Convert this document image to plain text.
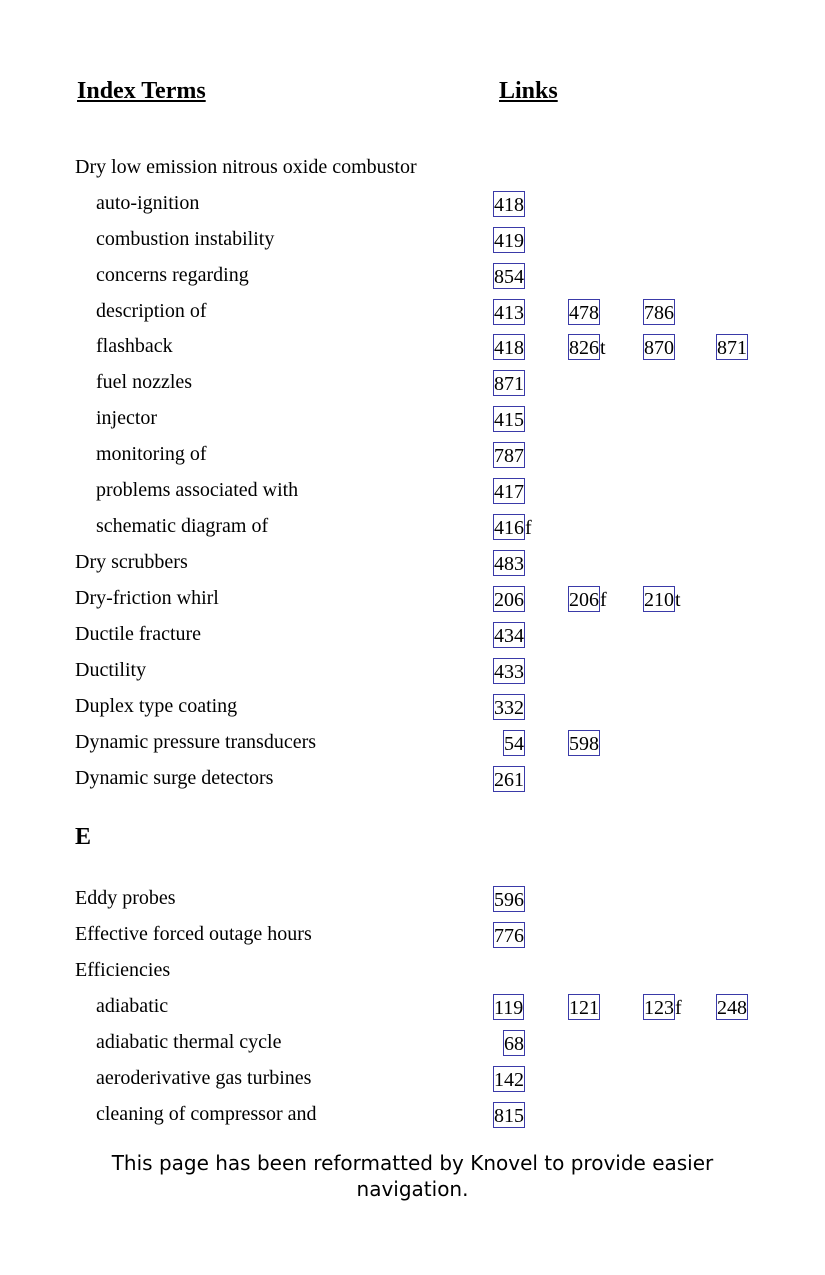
Index Terms	Links
Dry low emission nitrous oxide combustor
auto-ignition	418
combustion instability	419
concerns regarding	854
description of	413 478 786
flashback	418 826t 870 871
fuel nozzles	871
injector	415
monitoring of	787
problems associated with	417
schematic diagram of	416f
Dry scrubbers	483
Dry-friction whirl	206 206f 210t
Ductile fracture	434
Ductility	433
Duplex type coating	332
Dynamic pressure transducers	54 598
Dynamic surge detectors	261
Eddy probes	596
Effective forced outage hours	776
Efficiencies
adiabatic	119 121 123f 248
adiabatic thermal cycle	68
aeroderivative gas turbines	142
cleaning of compressor and	815
E
This page has been reformatted by Knovel to provide easier
navigation.
